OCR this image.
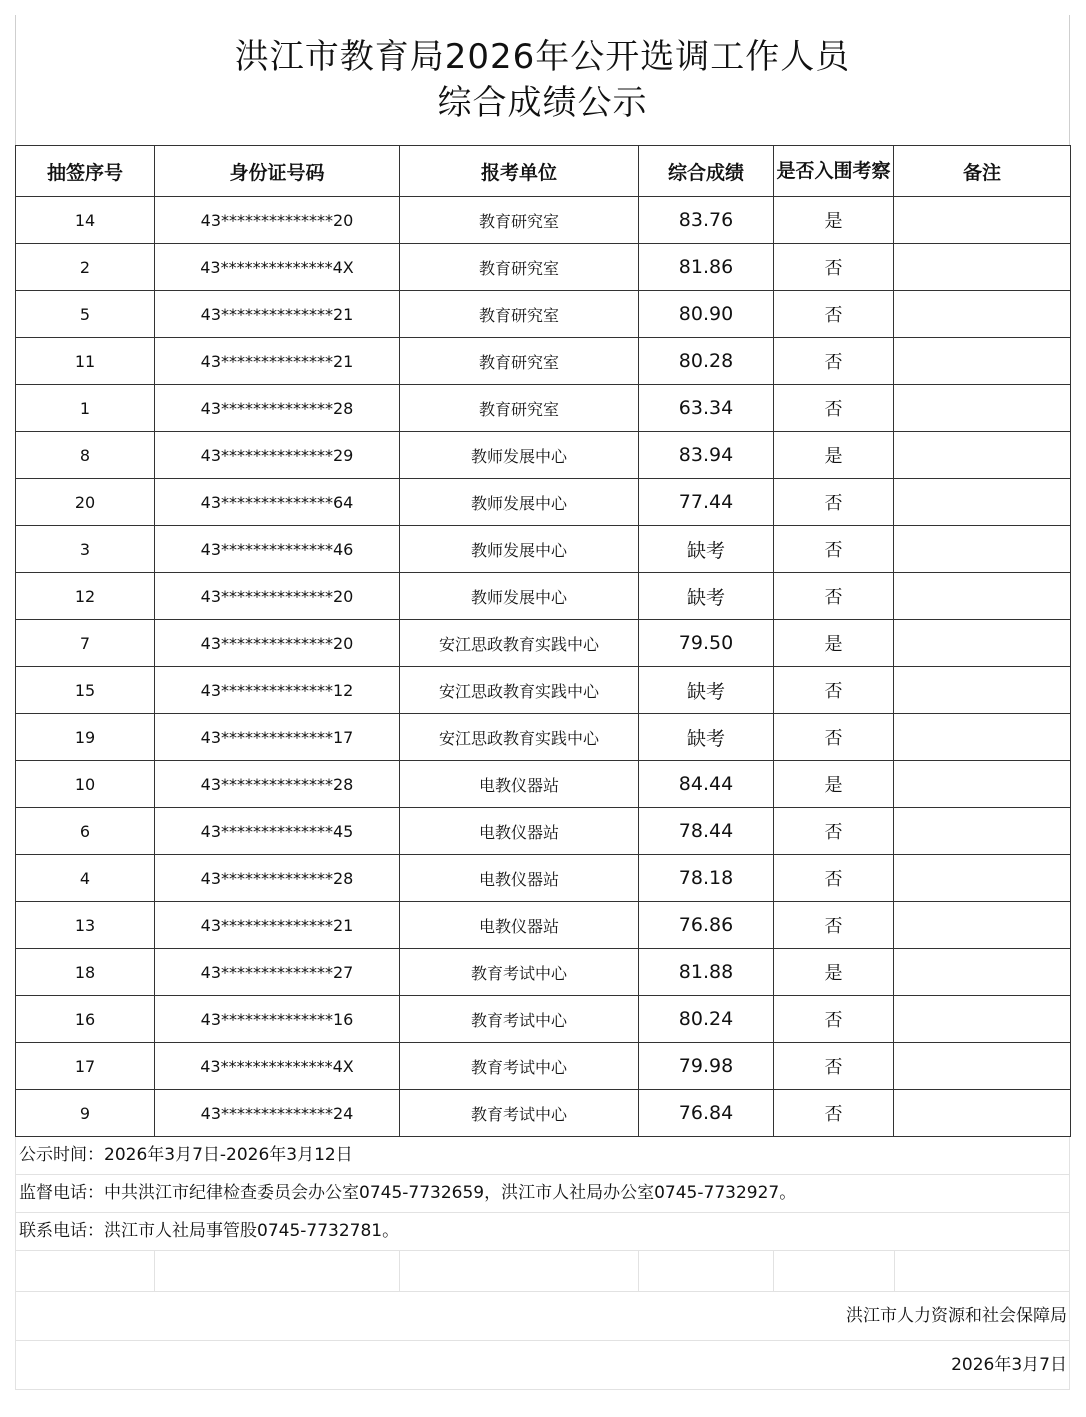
洪江市教育局2026年公开选调工作人员
综合成绩公示
抽签序号	身份证号码	报考单位	综合成绩	是否入围考察	备注
14	43**************20	教育研究室	83.76	是	
2	43**************4X	教育研究室	81.86	否	
5	43**************21	教育研究室	80.90	否	
11	43**************21	教育研究室	80.28	否	
1	43**************28	教育研究室	63.34	否	
8	43**************29	教师发展中心	83.94	是	
20	43**************64	教师发展中心	77.44	否	
3	43**************46	教师发展中心	缺考	否	
12	43**************20	教师发展中心	缺考	否	
7	43**************20	安江思政教育实践中心	79.50	是	
15	43**************12	安江思政教育实践中心	缺考	否	
19	43**************17	安江思政教育实践中心	缺考	否	
10	43**************28	电教仪器站	84.44	是	
6	43**************45	电教仪器站	78.44	否	
4	43**************28	电教仪器站	78.18	否	
13	43**************21	电教仪器站	76.86	否	
18	43**************27	教育考试中心	81.88	是	
16	43**************16	教育考试中心	80.24	否	
17	43**************4X	教育考试中心	79.98	否	
9	43**************24	教育考试中心	76.84	否	
公示时间：2026年3月7日-2026年3月12日
监督电话：中共洪江市纪律检查委员会办公室0745-7732659，洪江市人社局办公室0745-7732927。
联系电话：洪江市人社局事管股0745-7732781。
洪江市人力资源和社会保障局
2026年3月7日
